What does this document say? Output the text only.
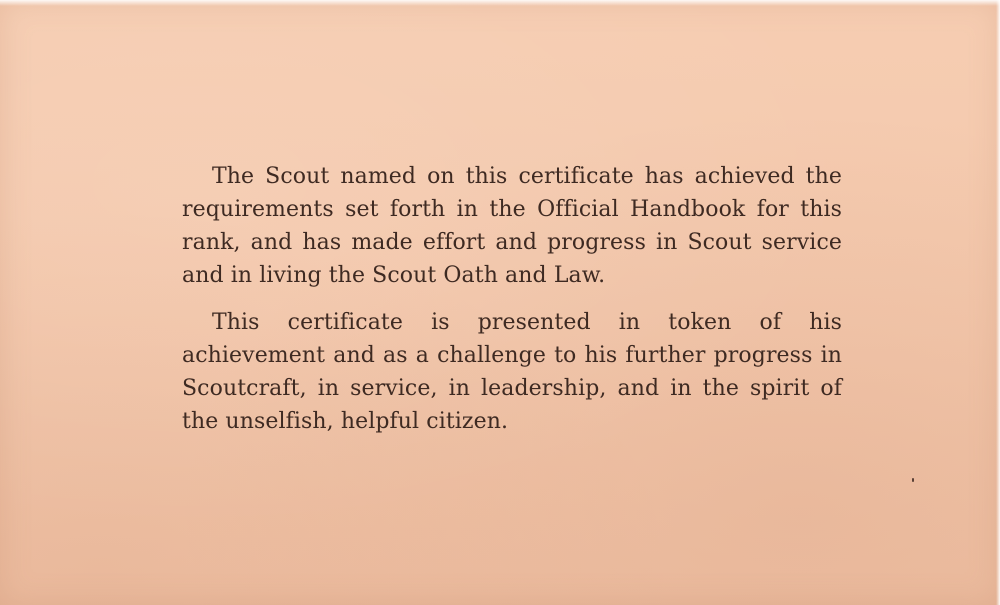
The Scout named on this certificate has achieved the requirements set forth in the Official Handbook for this rank, and has made effort and progress in Scout service and in living the Scout Oath and Law.

This certificate is presented in token of his achievement and as a challenge to his further progress in Scoutcraft, in service, in leadership, and in the spirit of the unselfish, helpful citizen.
